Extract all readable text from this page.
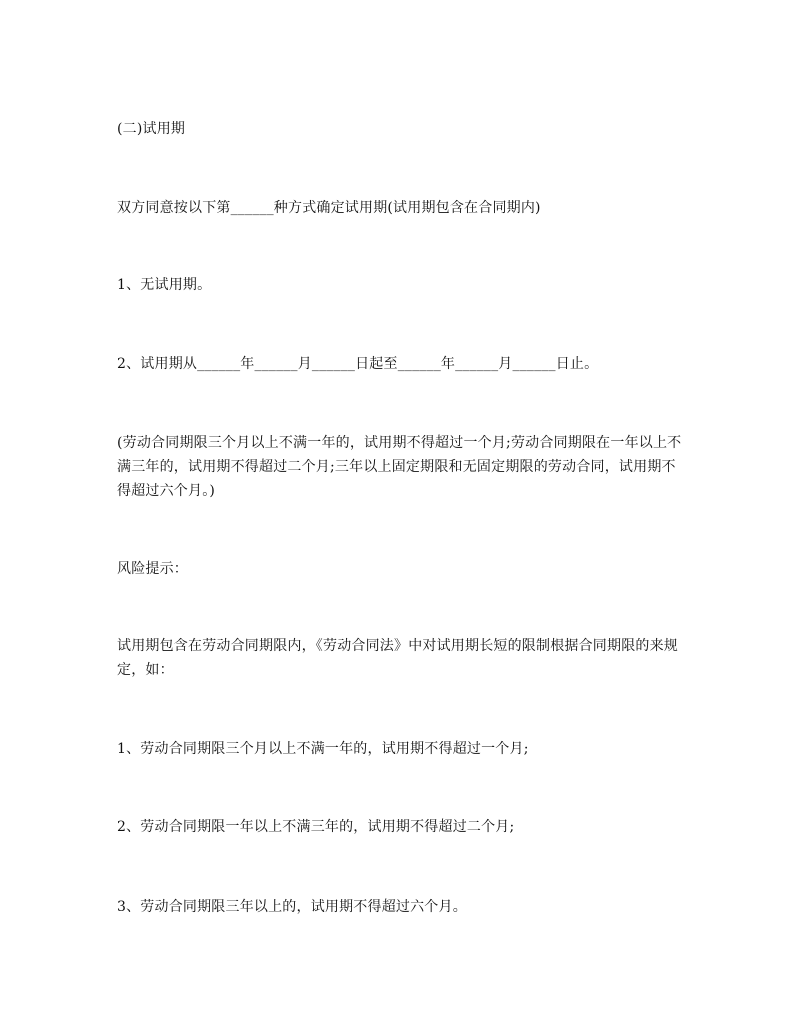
(二)试用期

双方同意按以下第______种方式确定试用期(试用期包含在合同期内)

1、无试用期。

2、试用期从______年______月______日起至______年______月______日止。

(劳动合同期限三个月以上不满一年的，试用期不得超过一个月;劳动合同期限在一年以上不满三年的，试用期不得超过二个月;三年以上固定期限和无固定期限的劳动合同，试用期不得超过六个月。)

风险提示：

试用期包含在劳动合同期限内，《劳动合同法》中对试用期长短的限制根据合同期限的来规定，如：

1、劳动合同期限三个月以上不满一年的，试用期不得超过一个月;

2、劳动合同期限一年以上不满三年的，试用期不得超过二个月;

3、劳动合同期限三年以上的，试用期不得超过六个月。
